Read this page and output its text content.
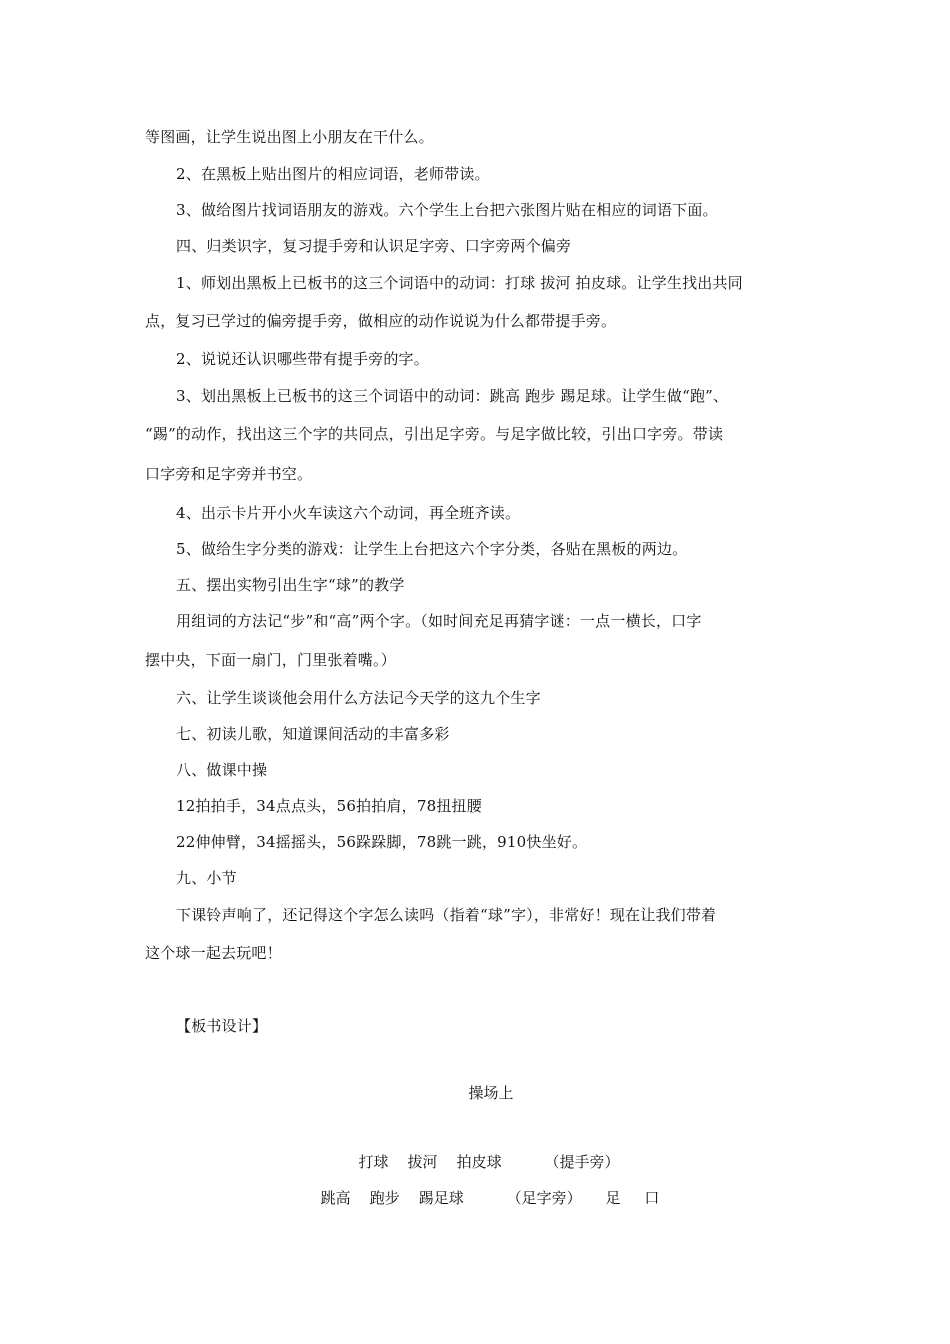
等图画，让学生说出图上小朋友在干什么。
2、在黑板上贴出图片的相应词语，老师带读。
3、做给图片找词语朋友的游戏。六个学生上台把六张图片贴在相应的词语下面。
四、归类识字，复习提手旁和认识足字旁、口字旁两个偏旁
1、师划出黑板上已板书的这三个词语中的动词：打球 拔河 拍皮球。让学生找出共同
点，复习已学过的偏旁提手旁，做相应的动作说说为什么都带提手旁。
2、说说还认识哪些带有提手旁的字。
3、划出黑板上已板书的这三个词语中的动词：跳高 跑步 踢足球。让学生做“跑”、
“踢”的动作，找出这三个字的共同点，引出足字旁。与足字做比较，引出口字旁。带读
口字旁和足字旁并书空。
4、出示卡片开小火车读这六个动词，再全班齐读。
5、做给生字分类的游戏：让学生上台把这六个字分类，各贴在黑板的两边。
五、摆出实物引出生字“球”的教学
用组词的方法记“步”和“高”两个字。（如时间充足再猜字谜：一点一横长，口字
摆中央，下面一扇门，门里张着嘴。）
六、让学生谈谈他会用什么方法记今天学的这九个生字
七、初读儿歌，知道课间活动的丰富多彩
八、做课中操
12拍拍手，34点点头，56拍拍肩，78扭扭腰
22伸伸臂，34摇摇头，56跺跺脚，78跳一跳，910快坐好。
九、小节
下课铃声响了，还记得这个字怎么读吗（指着“球”字），非常好！现在让我们带着
这个球一起去玩吧！
【板书设计】
操场上
打球    拔河    拍皮球         （提手旁）
跳高    跑步    踢足球         （足字旁）     足     口
